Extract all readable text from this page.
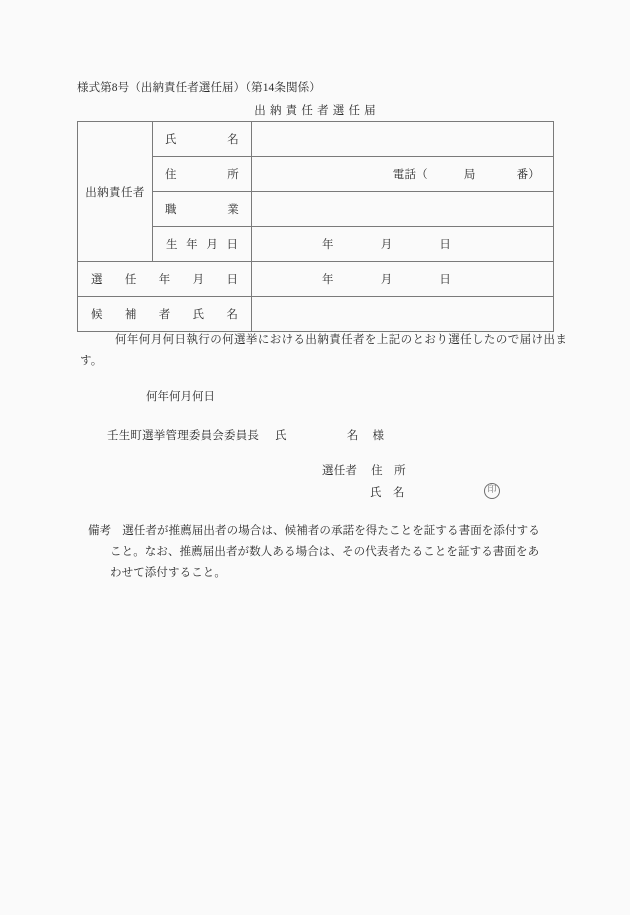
様式第8号（出納責任者選任届）（第14条関係）
出納責任者選任届
出納責任者	氏　　名	

	住　　所	電話（ 局 番）

	職　　業	

	生 年 月 日	年 月 日

選　任　年　月　日		年 月 日

候　補　者　氏　名		

何年何月何日執行の何選挙における出納責任者を上記のとおり選任したので届け出ます。
何年何月何日
壬生町選挙管理委員会委員長 氏	名 様
選任者 住　所
氏　名	印
備考 選任者が推薦届出者の場合は、候補者の承諾を得たことを証する書面を添付する
こと。なお、推薦届出者が数人ある場合は、その代表者たることを証する書面をあ
わせて添付すること。
